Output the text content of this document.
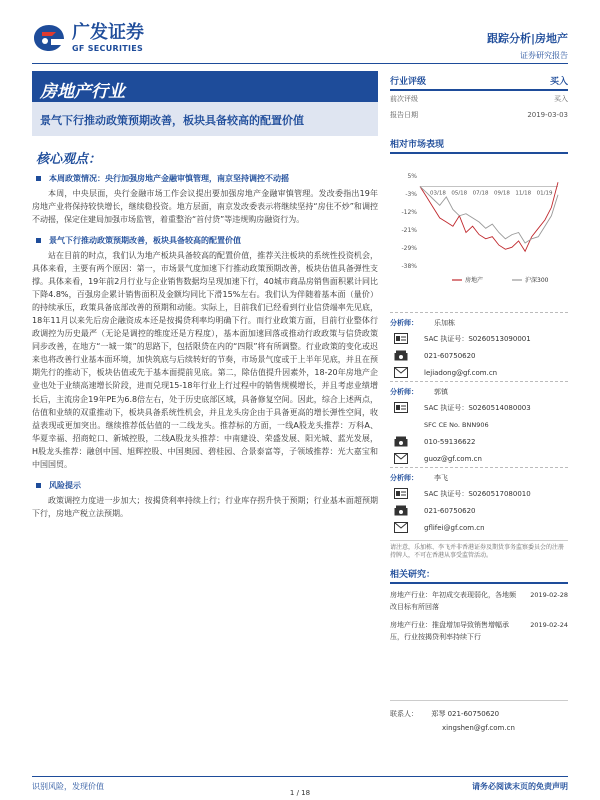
广发证券
GF SECURITIES
跟踪分析|房地产
证券研究报告
房地产行业
景气下行推动政策预期改善，板块具备较高的配置价值
核心观点：
本周政策情况：央行加强房地产金融审慎管理，南京坚持调控不动摇

本周，中央层面，央行金融市场工作会议提出要加强房地产金融审慎管理。发改委指出19年房地产业将保持较快增长，继续稳投资。地方层面，南京发改委表示将继续坚持“房住不炒”和调控不动摇，保定住建局加强市场监管，着重整治“首付贷”等违规购房融资行为。

景气下行推动政策预期改善，板块具备较高的配置价值

站在目前的时点，我们认为地产板块具备较高的配置价值，推荐关注板块的系统性投资机会，具体来看，主要有两个原因：第一，市场景气度加速下行推动政策预期改善，板块估值具备弹性支撑。具体来看，19年前2月行业与企业销售数据均呈现加速下行，40城市商品房销售面积累计同比下降4.8%，百强房企累计销售面积及金额均同比下滑15%左右。我们认为伴随着基本面（量价）的持续承压，政策具备底部改善的预期和动能。实际上，目前我们已经看到行业信贷端率先见底，18年11月以来先后房企融资成本还是按揭贷利率均明确下行。而行业政策方面，目前行业整体行政调控为历史最严（无论是调控的维度还是方程度），基本面加速回落或推动行政政策与信贷政策同步改善，在地方“一城一策”的思路下，包括限贷在内的“四限”将有所调整。行业政策的变化或迟来也将改善行业基本面环境，加快筑底与后续转好的节奏，市场景气度或于上半年见底，并且在预期先行的推动下，板块估值或先于基本面提前见底。第二，除估值提升因素外，18-20年房地产企业也处于业绩高速增长阶段，进而兑现15-18年行业上行过程中的销售规模增长，并且考虑业绩增长后，主流房企19年PE为6.8倍左右，处于历史底部区域，具备修复空间。因此，综合上述两点，估值和业绩的双重推动下，板块具备系统性机会，并且龙头房企由于具备更高的增长弹性空间，收益表现或更加突出。继续推荐低估值的一二线龙头。推荐标的方面，一线A股龙头推荐：万科A、华夏幸福、招商蛇口、新城控股，二线A股龙头推荐：中南建设、荣盛发展、阳光城、蓝光发展，H股龙头推荐：融创中国、旭辉控股、中国奥园、碧桂园、合景泰富等，子领域推荐：光大嘉宝和中国国贸。

风险提示

政策调控力度进一步加大；按揭贷利率持续上行；行业库存拐升快于预期；行业基本面超预期下行，房地产税立法预期。

行业评级	买入
前次评级	买入
报告日期	2019-03-03
相对市场表现
5%
-3%
-12%
-21%
-29%
-38%
03/18 05/18 07/18 09/18 11/18 01/19
房地产	沪深300
分析师：	乐加栋
SAC 执证号：S0260513090001
021-60750620
lejiadong@gf.com.cn
分析师：	郭镇
SAC 执证号：S0260514080003
SFC CE No. BNN906
010-59136622
guoz@gf.com.cn
分析师：	李飞
SAC 执证号：S0260517080010
021-60750620
gflifei@gf.com.cn
请注意，乐加栋、李飞并非香港证券及期货事务监察委员会的注册持牌人，不可在香港从事受监管活动。
相关研究：
房地产行业：年初成交表现弱化，各地频改目标有所回落
2019-02-28
房地产行业：推盘增加导致销售增幅承压，行业按揭贷利率持续下行
2019-02-24
联系人： 郑琴 021-60750620
xingshen@gf.com.cn
识别风险，发现价值	请务必阅读末页的免责声明
1 / 18
